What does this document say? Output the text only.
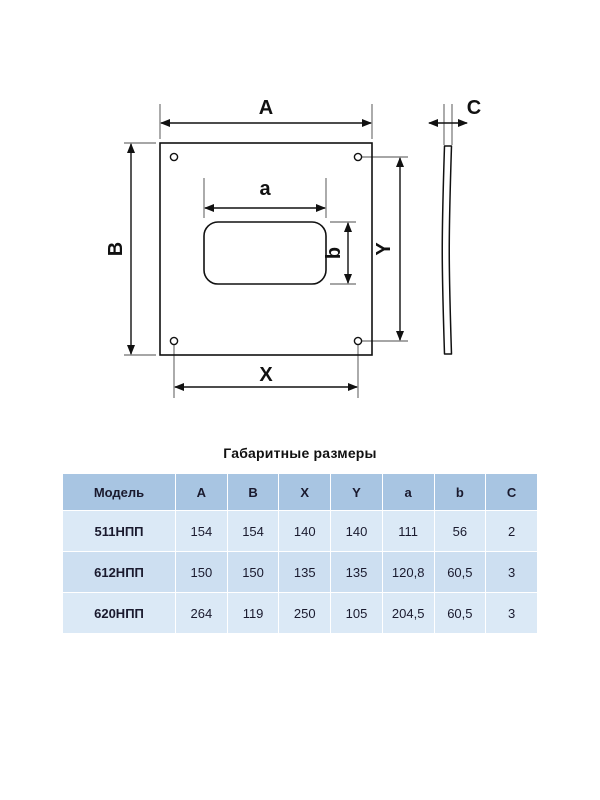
A
B
X
Y
a
b
C
Габаритные размеры
Модель	A	B	X	Y	a	b	C
511НПП	154	154	140	140	111	56	2
612НПП	150	150	135	135	120,8	60,5	3
620НПП	264	119	250	105	204,5	60,5	3
